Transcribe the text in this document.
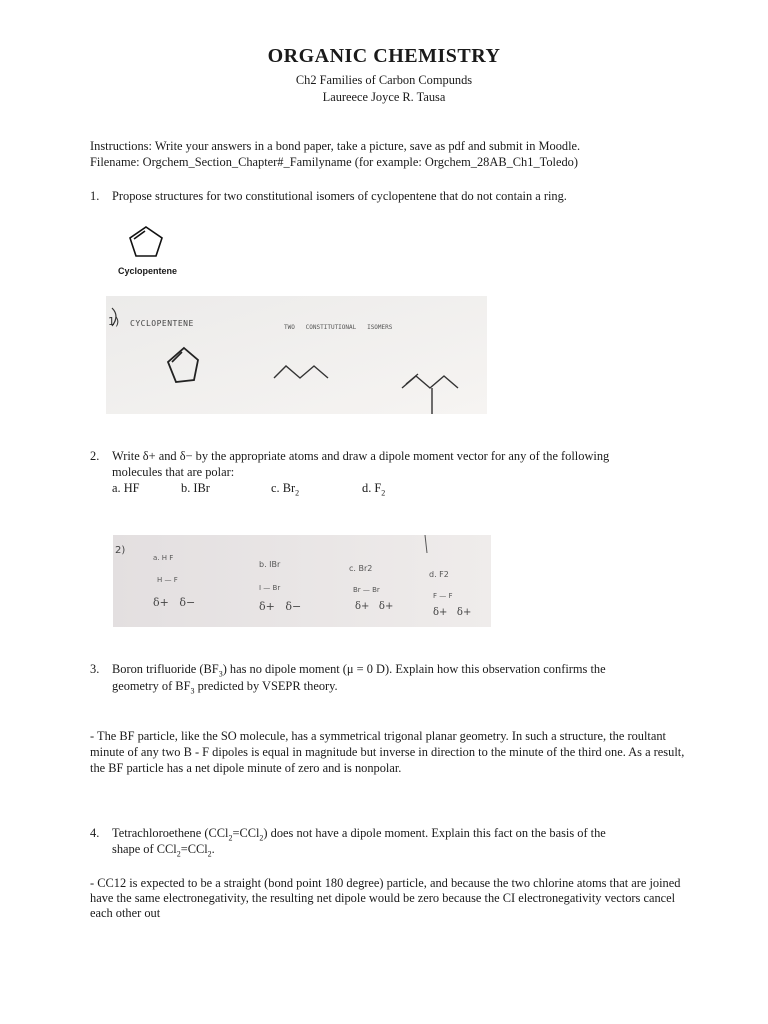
ORGANIC CHEMISTRY
Ch2 Families of Carbon Compunds
Laureece Joyce R. Tausa
Instructions: Write your answers in a bond paper, take a picture, save as pdf and submit in Moodle.
Filename: Orgchem_Section_Chapter#_Familyname (for example: Orgchem_28AB_Ch1_Toledo)
1. Propose structures for two constitutional isomers of cyclopentene that do not contain a ring.
Cyclopentene
1) CYCLOPENTENE	TWO   CONSTITUTIONAL   ISOMERS
2. Write δ+ and δ− by the appropriate atoms and draw a dipole moment vector for any of the following
molecules that are polar:
a. HF	b. IBr	c. $Br_2$	d. $F_2$
2)
a. H F
H — F
δ+   δ−
b. IBr
I — Br
δ+   δ−
c. Br2
Br — Br
δ+   δ+
d. F2
F — F
δ+   δ+
3. Boron trifluoride $(BF_3)$ has no dipole moment (μ = 0 D). Explain how this observation confirms the
geometry of $BF_3$ predicted by VSEPR theory.
- The BF particle, like the SO molecule, has a symmetrical trigonal planar geometry. In such a structure, the roultant minute of any two B - F dipoles is equal in magnitude but inverse in direction to the minute of the third one. As a result, the BF particle has a net dipole minute of zero and is nonpolar.
4. Tetrachloroethene (CCl$_2$=CCl$_2$) does not have a dipole moment. Explain this fact on the basis of the
shape of CCl$_2$=CCl$_2$.
- CC12 is expected to be a straight (bond point 180 degree) particle, and because the two chlorine atoms that are joined have the same electronegativity, the resulting net dipole would be zero because the CI electronegativity vectors cancel each other out
